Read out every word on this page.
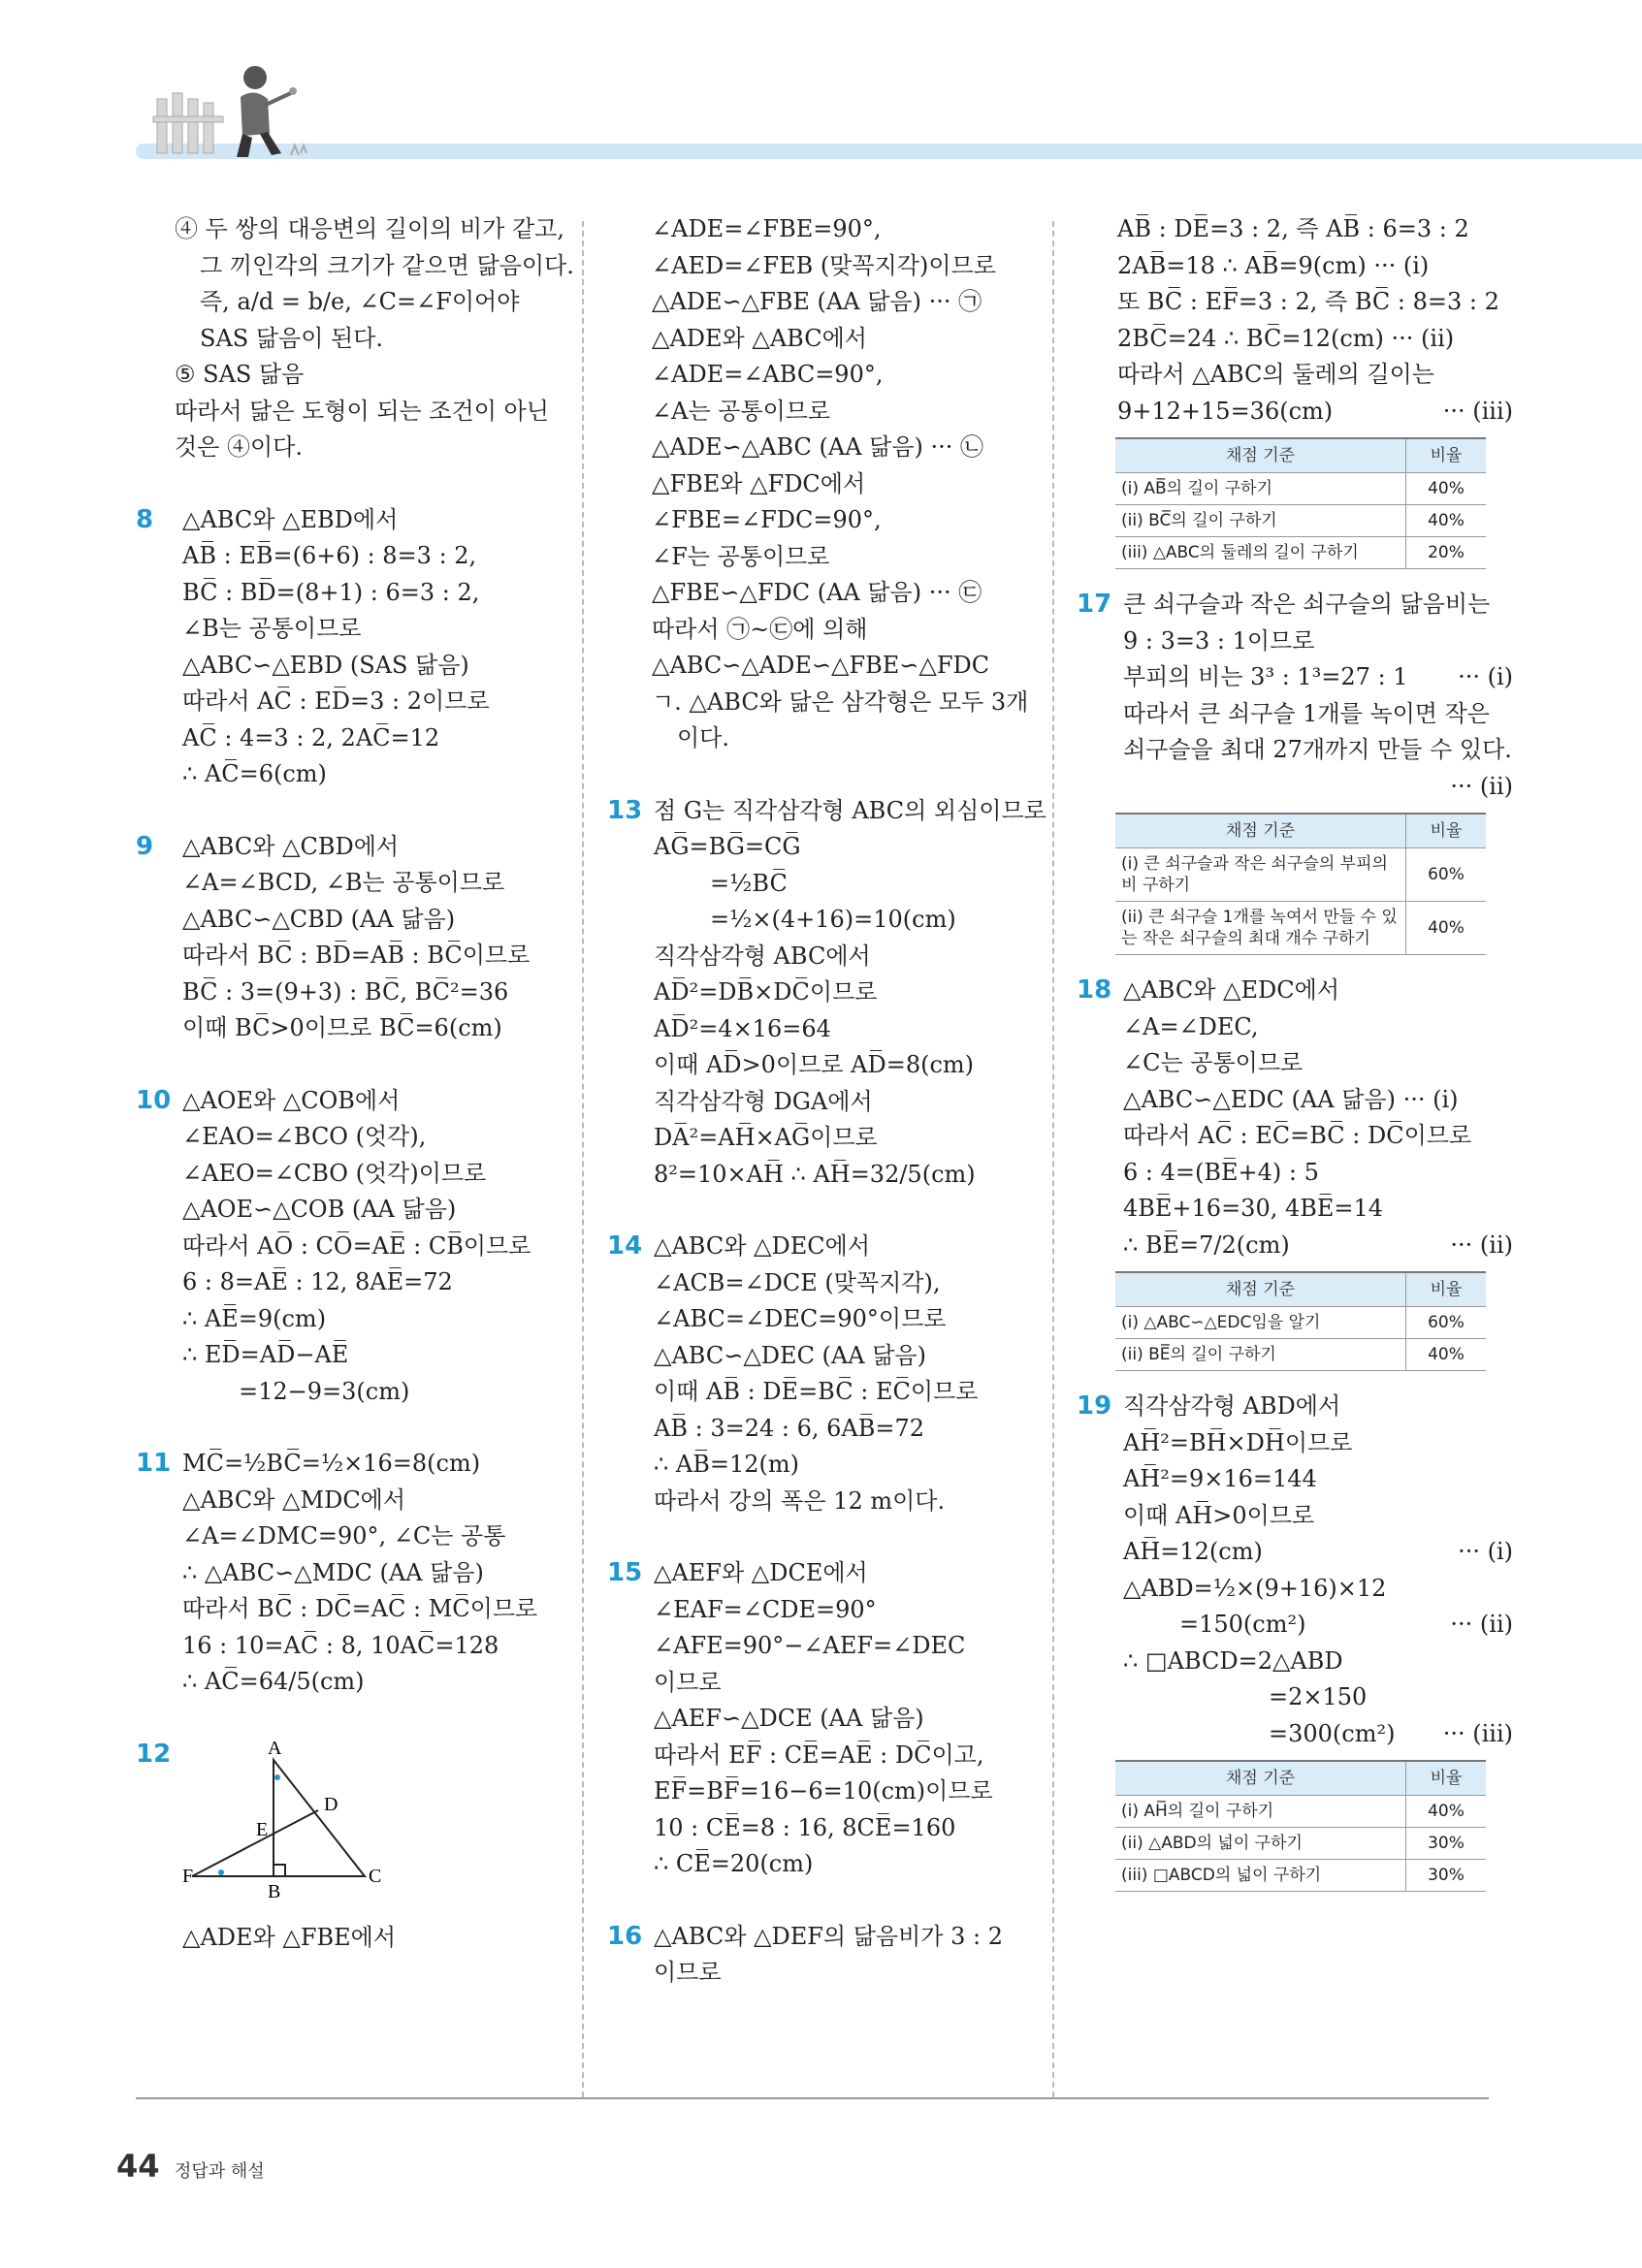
④ 두 쌍의 대응변의 길이의 비가 같고,
그 끼인각의 크기가 같으면 닮음이다.
즉, a/d = b/e, ∠C=∠F이어야
SAS 닮음이 된다.
⑤ SAS 닮음
따라서 닮은 도형이 되는 조건이 아닌
것은 ④이다.
8 △ABC와 △EBD에서
AB̅ : EB̅=(6+6) : 8=3 : 2,
BC̅ : BD̅=(8+1) : 6=3 : 2,
∠B는 공통이므로
△ABC∽△EBD (SAS 닮음)
따라서 AC̅ : ED̅=3 : 2이므로
AC̅ : 4=3 : 2, 2AC̅=12
∴ AC̅=6(cm)
9 △ABC와 △CBD에서
∠A=∠BCD, ∠B는 공통이므로
△ABC∽△CBD (AA 닮음)
따라서 BC̅ : BD̅=AB̅ : BC̅이므로
BC̅ : 3=(9+3) : BC̅, BC̅²=36
이때 BC̅>0이므로 BC̅=6(cm)
10 △AOE와 △COB에서
∠EAO=∠BCO (엇각),
∠AEO=∠CBO (엇각)이므로
△AOE∽△COB (AA 닮음)
따라서 AO̅ : CO̅=AE̅ : CB̅이므로
6 : 8=AE̅ : 12, 8AE̅=72
∴ AE̅=9(cm)
∴ ED̅=AD̅−AE̅
=12−9=3(cm)
11 MC̅=½BC̅=½×16=8(cm)
△ABC와 △MDC에서
∠A=∠DMC=90°, ∠C는 공통
∴ △ABC∽△MDC (AA 닮음)
따라서 BC̅ : DC̅=AC̅ : MC̅이므로
16 : 10=AC̅ : 8, 10AC̅=128
∴ AC̅=64/5(cm)
12	A
D
E
F
B
C
△ADE와 △FBE에서
∠ADE=∠FBE=90°,
∠AED=∠FEB (맞꼭지각)이므로
△ADE∽△FBE (AA 닮음) ··· ㉠
△ADE와 △ABC에서
∠ADE=∠ABC=90°,
∠A는 공통이므로
△ADE∽△ABC (AA 닮음) ··· ㉡
△FBE와 △FDC에서
∠FBE=∠FDC=90°,
∠F는 공통이므로
△FBE∽△FDC (AA 닮음) ··· ㉢
따라서 ㉠~㉢에 의해
△ABC∽△ADE∽△FBE∽△FDC
ㄱ. △ABC와 닮은 삼각형은 모두 3개
이다.
13 점 G는 직각삼각형 ABC의 외심이므로
AG̅=BG̅=CG̅
=½BC̅
=½×(4+16)=10(cm)
직각삼각형 ABC에서
AD̅²=DB̅×DC̅이므로
AD̅²=4×16=64
이때 AD̅>0이므로 AD̅=8(cm)
직각삼각형 DGA에서
DA̅²=AH̅×AG̅이므로
8²=10×AH̅ ∴ AH̅=32/5(cm)
14 △ABC와 △DEC에서
∠ACB=∠DCE (맞꼭지각),
∠ABC=∠DEC=90°이므로
△ABC∽△DEC (AA 닮음)
이때 AB̅ : DE̅=BC̅ : EC̅이므로
AB̅ : 3=24 : 6, 6AB̅=72
∴ AB̅=12(m)
따라서 강의 폭은 12 m이다.
15 △AEF와 △DCE에서
∠EAF=∠CDE=90°
∠AFE=90°−∠AEF=∠DEC
이므로
△AEF∽△DCE (AA 닮음)
따라서 EF̅ : CE̅=AE̅ : DC̅이고,
EF̅=BF̅=16−6=10(cm)이므로
10 : CE̅=8 : 16, 8CE̅=160
∴ CE̅=20(cm)
16 △ABC와 △DEF의 닮음비가 3 : 2
이므로
AB̅ : DE̅=3 : 2, 즉 AB̅ : 6=3 : 2
2AB̅=18 ∴ AB̅=9(cm) ··· (i)
또 BC̅ : EF̅=3 : 2, 즉 BC̅ : 8=3 : 2
2BC̅=24 ∴ BC̅=12(cm) ··· (ii)
따라서 △ABC의 둘레의 길이는
9+12+15=36(cm)	··· (iii)
채점 기준	비율
(i) AB̅의 길이 구하기	40%
(ii) BC̅의 길이 구하기	40%
(iii) △ABC의 둘레의 길이 구하기	20%
17 큰 쇠구슬과 작은 쇠구슬의 닮음비는
9 : 3=3 : 1이므로
부피의 비는 3³ : 1³=27 : 1 ··· (i)
따라서 큰 쇠구슬 1개를 녹이면 작은
쇠구슬을 최대 27개까지 만들 수 있다.
··· (ii)
채점 기준	비율
(i) 큰 쇠구슬과 작은 쇠구슬의 부피의 비 구하기	60%
(ii) 큰 쇠구슬 1개를 녹여서 만들 수 있는 작은 쇠구슬의 최대 개수 구하기	40%
18 △ABC와 △EDC에서
∠A=∠DEC,
∠C는 공통이므로
△ABC∽△EDC (AA 닮음) ··· (i)
따라서 AC̅ : EC̅=BC̅ : DC̅이므로
6 : 4=(BE̅+4) : 5
4BE̅+16=30, 4BE̅=14
∴ BE̅=7/2(cm)	··· (ii)
채점 기준	비율
(i) △ABC∽△EDC임을 알기	60%
(ii) BE̅의 길이 구하기	40%
19 직각삼각형 ABD에서
AH̅²=BH̅×DH̅이므로
AH̅²=9×16=144
이때 AH̅>0이므로
AH̅=12(cm)	··· (i)
△ABD=½×(9+16)×12
=150(cm²)	··· (ii)
∴ □ABCD=2△ABD
=2×150
=300(cm²) ··· (iii)
채점 기준	비율
(i) AH̅의 길이 구하기	40%
(ii) △ABD의 넓이 구하기	30%
(iii) □ABCD의 넓이 구하기	30%
44 정답과 해설
